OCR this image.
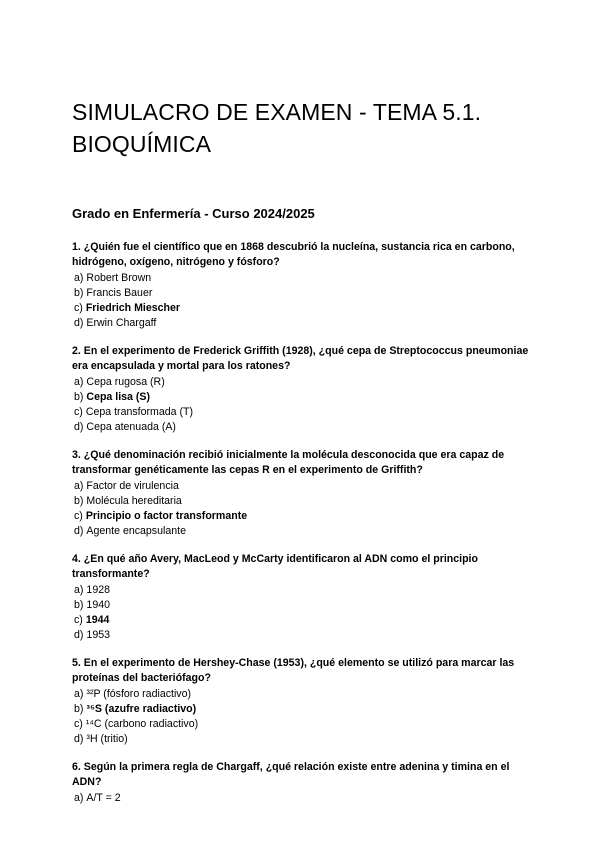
SIMULACRO DE EXAMEN - TEMA 5.1. BIOQUÍMICA
Grado en Enfermería - Curso 2024/2025
1. ¿Quién fue el científico que en 1868 descubrió la nucleína, sustancia rica en carbono, hidrógeno, oxígeno, nitrógeno y fósforo?
a) Robert Brown
b) Francis Bauer
c) Friedrich Miescher
d) Erwin Chargaff
2. En el experimento de Frederick Griffith (1928), ¿qué cepa de Streptococcus pneumoniae era encapsulada y mortal para los ratones?
a) Cepa rugosa (R)
b) Cepa lisa (S)
c) Cepa transformada (T)
d) Cepa atenuada (A)
3. ¿Qué denominación recibió inicialmente la molécula desconocida que era capaz de transformar genéticamente las cepas R en el experimento de Griffith?
a) Factor de virulencia
b) Molécula hereditaria
c) Principio o factor transformante
d) Agente encapsulante
4. ¿En qué año Avery, MacLeod y McCarty identificaron al ADN como el principio transformante?
a) 1928
b) 1940
c) 1944
d) 1953
5. En el experimento de Hershey-Chase (1953), ¿qué elemento se utilizó para marcar las proteínas del bacteriófago?
a) ³²P (fósforo radiactivo)
b) ³⁵S (azufre radiactivo)
c) ¹⁴C (carbono radiactivo)
d) ³H (tritio)
6. Según la primera regla de Chargaff, ¿qué relación existe entre adenina y timina en el ADN?
a) A/T = 2
